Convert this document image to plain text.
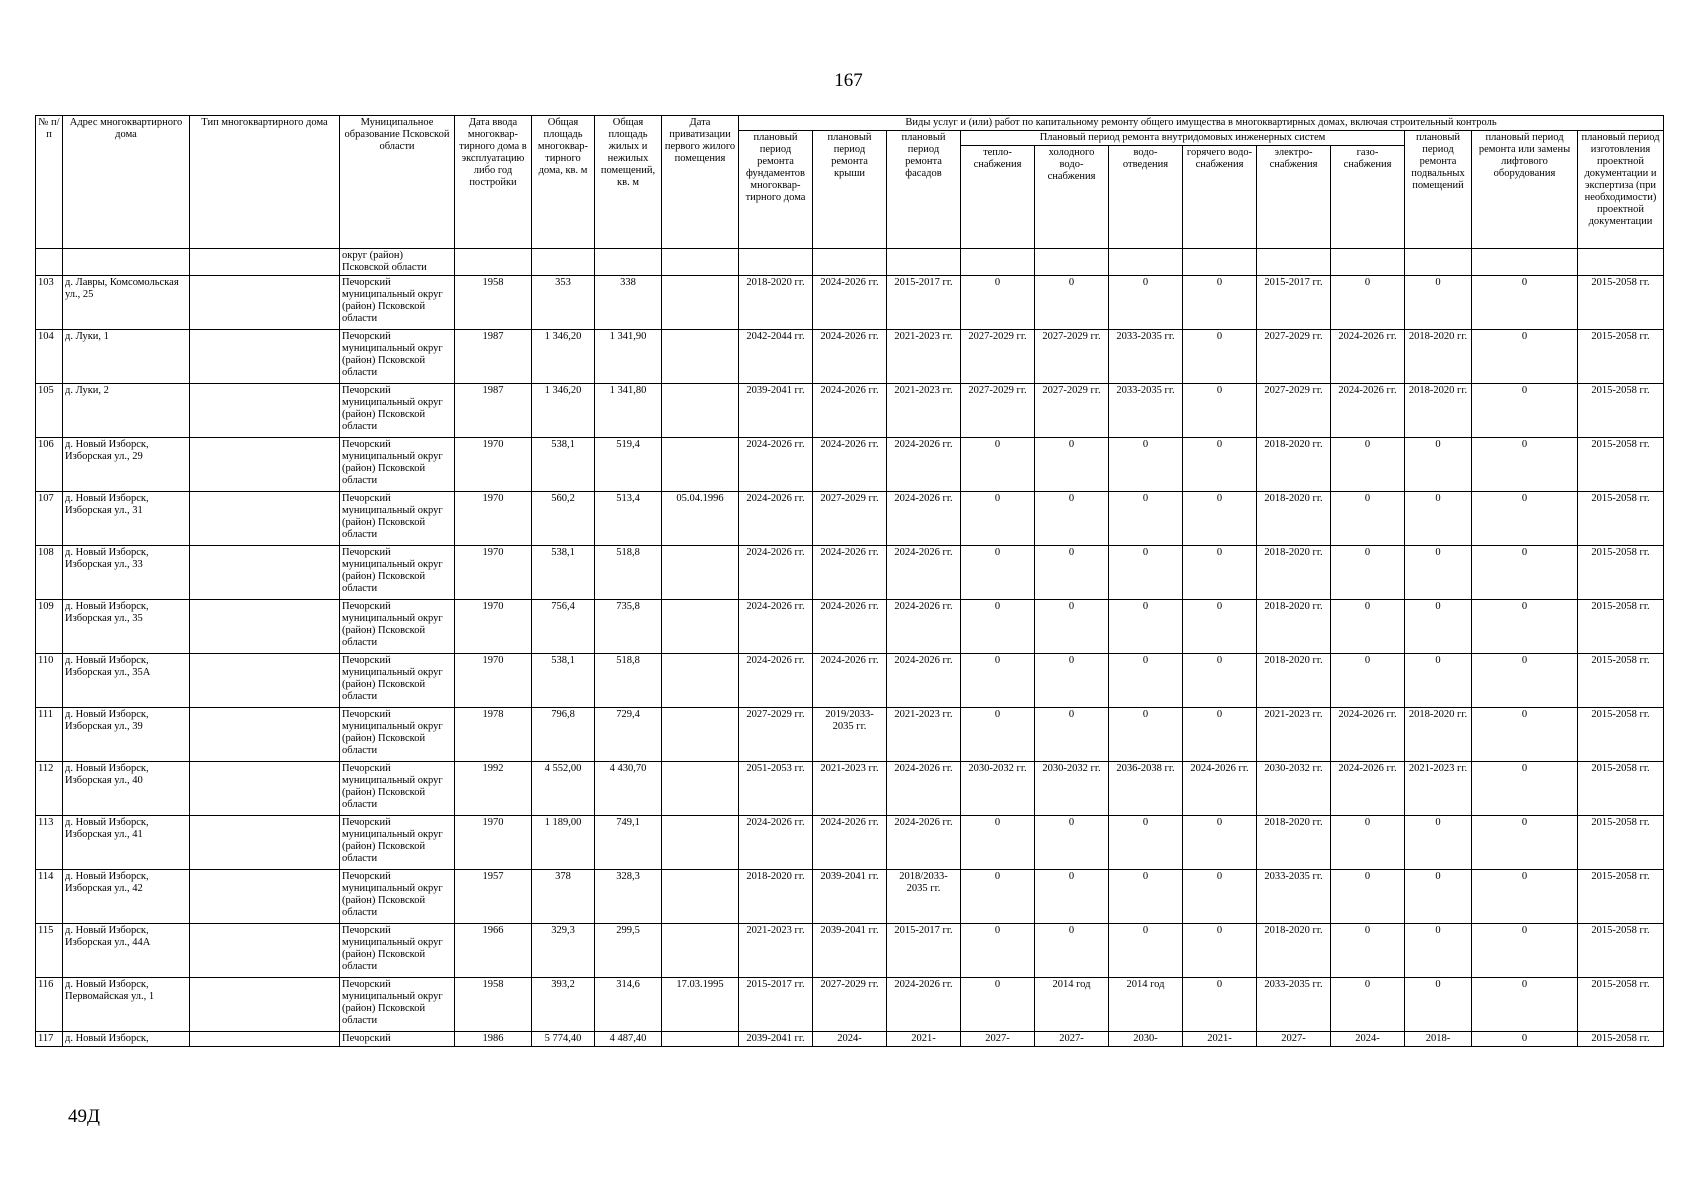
167
№ п/п	Адрес многоквартирного дома	Тип многоквартирного дома	Муниципальное образование Псковской области	Дата ввода многоквар-тирного дома в эксплуатацию либо год постройки	Общая площадь многоквар-тирного дома, кв. м	Общая площадь жилых и нежилых помещений, кв. м	Дата приватизации первого жилого помещения	Виды услуг и (или) работ по капитальному ремонту общего имущества в многоквартирных домах, включая строительный контроль											
								плановый период ремонта фундаментов многоквар-тирного дома	плановый период ремонта крыши	плановый период ремонта фасадов	Плановый период ремонта внутридомовых инженерных систем						плановый период ремонта подвальных помещений	плановый период ремонта или замены лифтового оборудования	плановый период изготовления проектной документации и экспертиза (при необходимости) проектной документации
											тепло-снабжения	холодного водо-снабжения	водо-отведения	горячего водо-снабжения	электро-снабжения	газо-снабжения			
			округ (район) Псковской области																
103	д. Лавры, Комсомольская ул., 25		Печорский муниципальный округ (район) Псковской области	1958	353	338		2018-2020 гг.	2024-2026 гг.	2015-2017 гг.	0	0	0	0	2015-2017 гг.	0	0	0	2015-2058 гг.
104	д. Луки, 1		Печорский муниципальный округ (район) Псковской области	1987	1 346,20	1 341,90		2042-2044 гг.	2024-2026 гг.	2021-2023 гг.	2027-2029 гг.	2027-2029 гг.	2033-2035 гг.	0	2027-2029 гг.	2024-2026 гг.	2018-2020 гг.	0	2015-2058 гг.
105	д. Луки, 2		Печорский муниципальный округ (район) Псковской области	1987	1 346,20	1 341,80		2039-2041 гг.	2024-2026 гг.	2021-2023 гг.	2027-2029 гг.	2027-2029 гг.	2033-2035 гг.	0	2027-2029 гг.	2024-2026 гг.	2018-2020 гг.	0	2015-2058 гг.
106	д. Новый Изборск, Изборская ул., 29		Печорский муниципальный округ (район) Псковской области	1970	538,1	519,4		2024-2026 гг.	2024-2026 гг.	2024-2026 гг.	0	0	0	0	2018-2020 гг.	0	0	0	2015-2058 гг.
107	д. Новый Изборск, Изборская ул., 31		Печорский муниципальный округ (район) Псковской области	1970	560,2	513,4	05.04.1996	2024-2026 гг.	2027-2029 гг.	2024-2026 гг.	0	0	0	0	2018-2020 гг.	0	0	0	2015-2058 гг.
108	д. Новый Изборск, Изборская ул., 33		Печорский муниципальный округ (район) Псковской области	1970	538,1	518,8		2024-2026 гг.	2024-2026 гг.	2024-2026 гг.	0	0	0	0	2018-2020 гг.	0	0	0	2015-2058 гг.
109	д. Новый Изборск, Изборская ул., 35		Печорский муниципальный округ (район) Псковской области	1970	756,4	735,8		2024-2026 гг.	2024-2026 гг.	2024-2026 гг.	0	0	0	0	2018-2020 гг.	0	0	0	2015-2058 гг.
110	д. Новый Изборск, Изборская ул., 35А		Печорский муниципальный округ (район) Псковской области	1970	538,1	518,8		2024-2026 гг.	2024-2026 гг.	2024-2026 гг.	0	0	0	0	2018-2020 гг.	0	0	0	2015-2058 гг.
111	д. Новый Изборск, Изборская ул., 39		Печорский муниципальный округ (район) Псковской области	1978	796,8	729,4		2027-2029 гг.	2019/2033-2035 гг.	2021-2023 гг.	0	0	0	0	2021-2023 гг.	2024-2026 гг.	2018-2020 гг.	0	2015-2058 гг.
112	д. Новый Изборск, Изборская ул., 40		Печорский муниципальный округ (район) Псковской области	1992	4 552,00	4 430,70		2051-2053 гг.	2021-2023 гг.	2024-2026 гг.	2030-2032 гг.	2030-2032 гг.	2036-2038 гг.	2024-2026 гг.	2030-2032 гг.	2024-2026 гг.	2021-2023 гг.	0	2015-2058 гг.
113	д. Новый Изборск, Изборская ул., 41		Печорский муниципальный округ (район) Псковской области	1970	1 189,00	749,1		2024-2026 гг.	2024-2026 гг.	2024-2026 гг.	0	0	0	0	2018-2020 гг.	0	0	0	2015-2058 гг.
114	д. Новый Изборск, Изборская ул., 42		Печорский муниципальный округ (район) Псковской области	1957	378	328,3		2018-2020 гг.	2039-2041 гг.	2018/2033-2035 гг.	0	0	0	0	2033-2035 гг.	0	0	0	2015-2058 гг.
115	д. Новый Изборск, Изборская ул., 44А		Печорский муниципальный округ (район) Псковской области	1966	329,3	299,5		2021-2023 гг.	2039-2041 гг.	2015-2017 гг.	0	0	0	0	2018-2020 гг.	0	0	0	2015-2058 гг.
116	д. Новый Изборск, Первомайская ул., 1		Печорский муниципальный округ (район) Псковской области	1958	393,2	314,6	17.03.1995	2015-2017 гг.	2027-2029 гг.	2024-2026 гг.	0	2014 год	2014 год	0	2033-2035 гг.	0	0	0	2015-2058 гг.
117	д. Новый Изборск,		Печорский	1986	5 774,40	4 487,40		2039-2041 гг.	2024-	2021-	2027-	2027-	2030-	2021-	2027-	2024-	2018-	0	2015-2058 гг.
49Д
